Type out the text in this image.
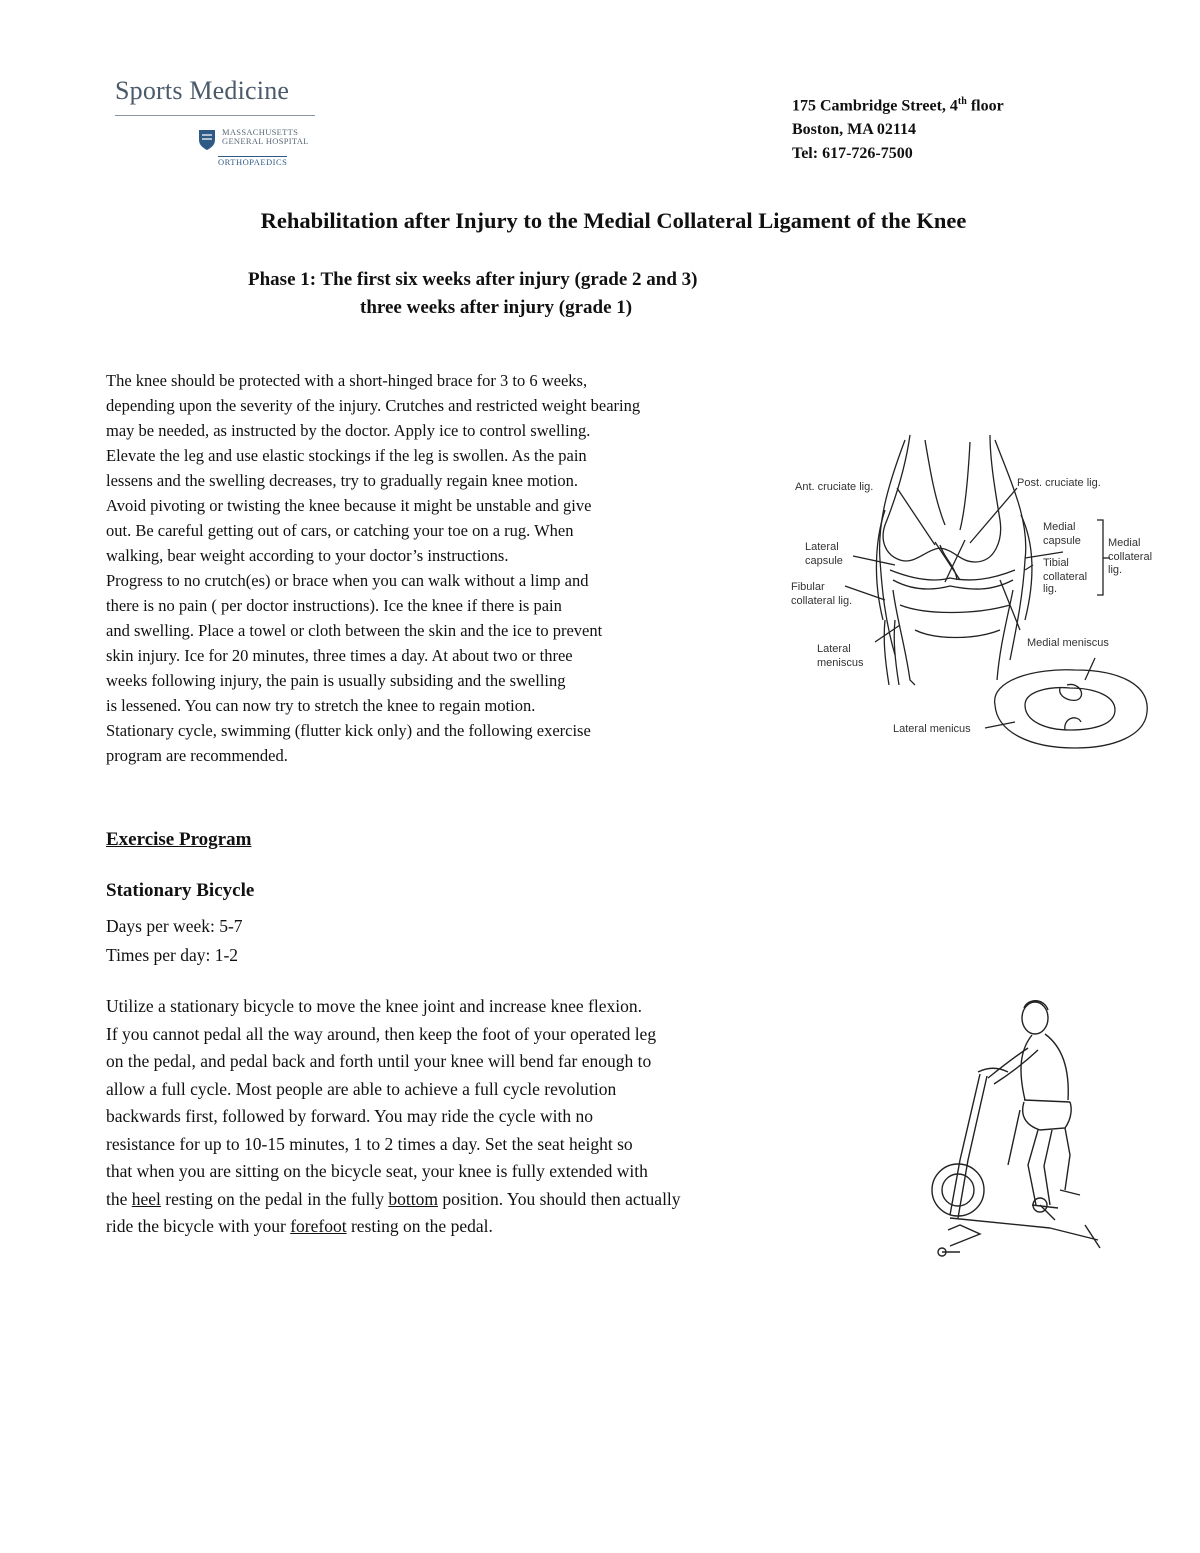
Sports Medicine
MASSACHUSETTS
GENERAL HOSPITAL
ORTHOPAEDICS
175 Cambridge Street, 4th floor
Boston, MA 02114
Tel: 617-726-7500
Rehabilitation after Injury to the Medial Collateral Ligament of the Knee
Phase 1: The first six weeks after injury (grade 2 and 3)
three weeks after injury (grade 1)
The knee should be protected with a short-hinged brace for 3 to 6 weeks,
depending upon the severity of the injury. Crutches and restricted weight bearing
may be needed, as instructed by the doctor. Apply ice to control swelling.
Elevate the leg and use elastic stockings if the leg is swollen. As the pain
lessens and the swelling decreases, try to gradually regain knee motion.
Avoid pivoting or twisting the knee because it might be unstable and give
out. Be careful getting out of cars, or catching your toe on a rug. When
walking, bear weight according to your doctor’s instructions.
Progress to no crutch(es) or brace when you can walk without a limp and
there is no pain ( per doctor instructions). Ice the knee if there is pain
and swelling. Place a towel or cloth between the skin and the ice to prevent
skin injury. Ice for 20 minutes, three times a day. At about two or three
weeks following injury, the pain is usually subsiding and the swelling
is lessened. You can now try to stretch the knee to regain motion.
Stationary cycle, swimming (flutter kick only) and the following exercise
program are recommended.
Ant. cruciate lig.	Post. cruciate lig.
Lateral
capsule
Fibular
collateral lig.
Lateral
meniscus
Medial
capsule
Tibial
collateral
lig.
Medial
collateral
lig.
Medial meniscus
Lateral menicus
Exercise Program
Stationary Bicycle
Days per week: 5-7
Times per day: 1-2
Utilize a stationary bicycle to move the knee joint and increase knee flexion.
If you cannot pedal all the way around, then keep the foot of your operated leg
on the pedal, and pedal back and forth until your knee will bend far enough to
allow a full cycle. Most people are able to achieve a full cycle revolution
backwards first, followed by forward. You may ride the cycle with no
resistance for up to 10-15 minutes, 1 to 2 times a day. Set the seat height so
that when you are sitting on the bicycle seat, your knee is fully extended with
the heel resting on the pedal in the fully bottom position. You should then actually
ride the bicycle with your forefoot resting on the pedal.
